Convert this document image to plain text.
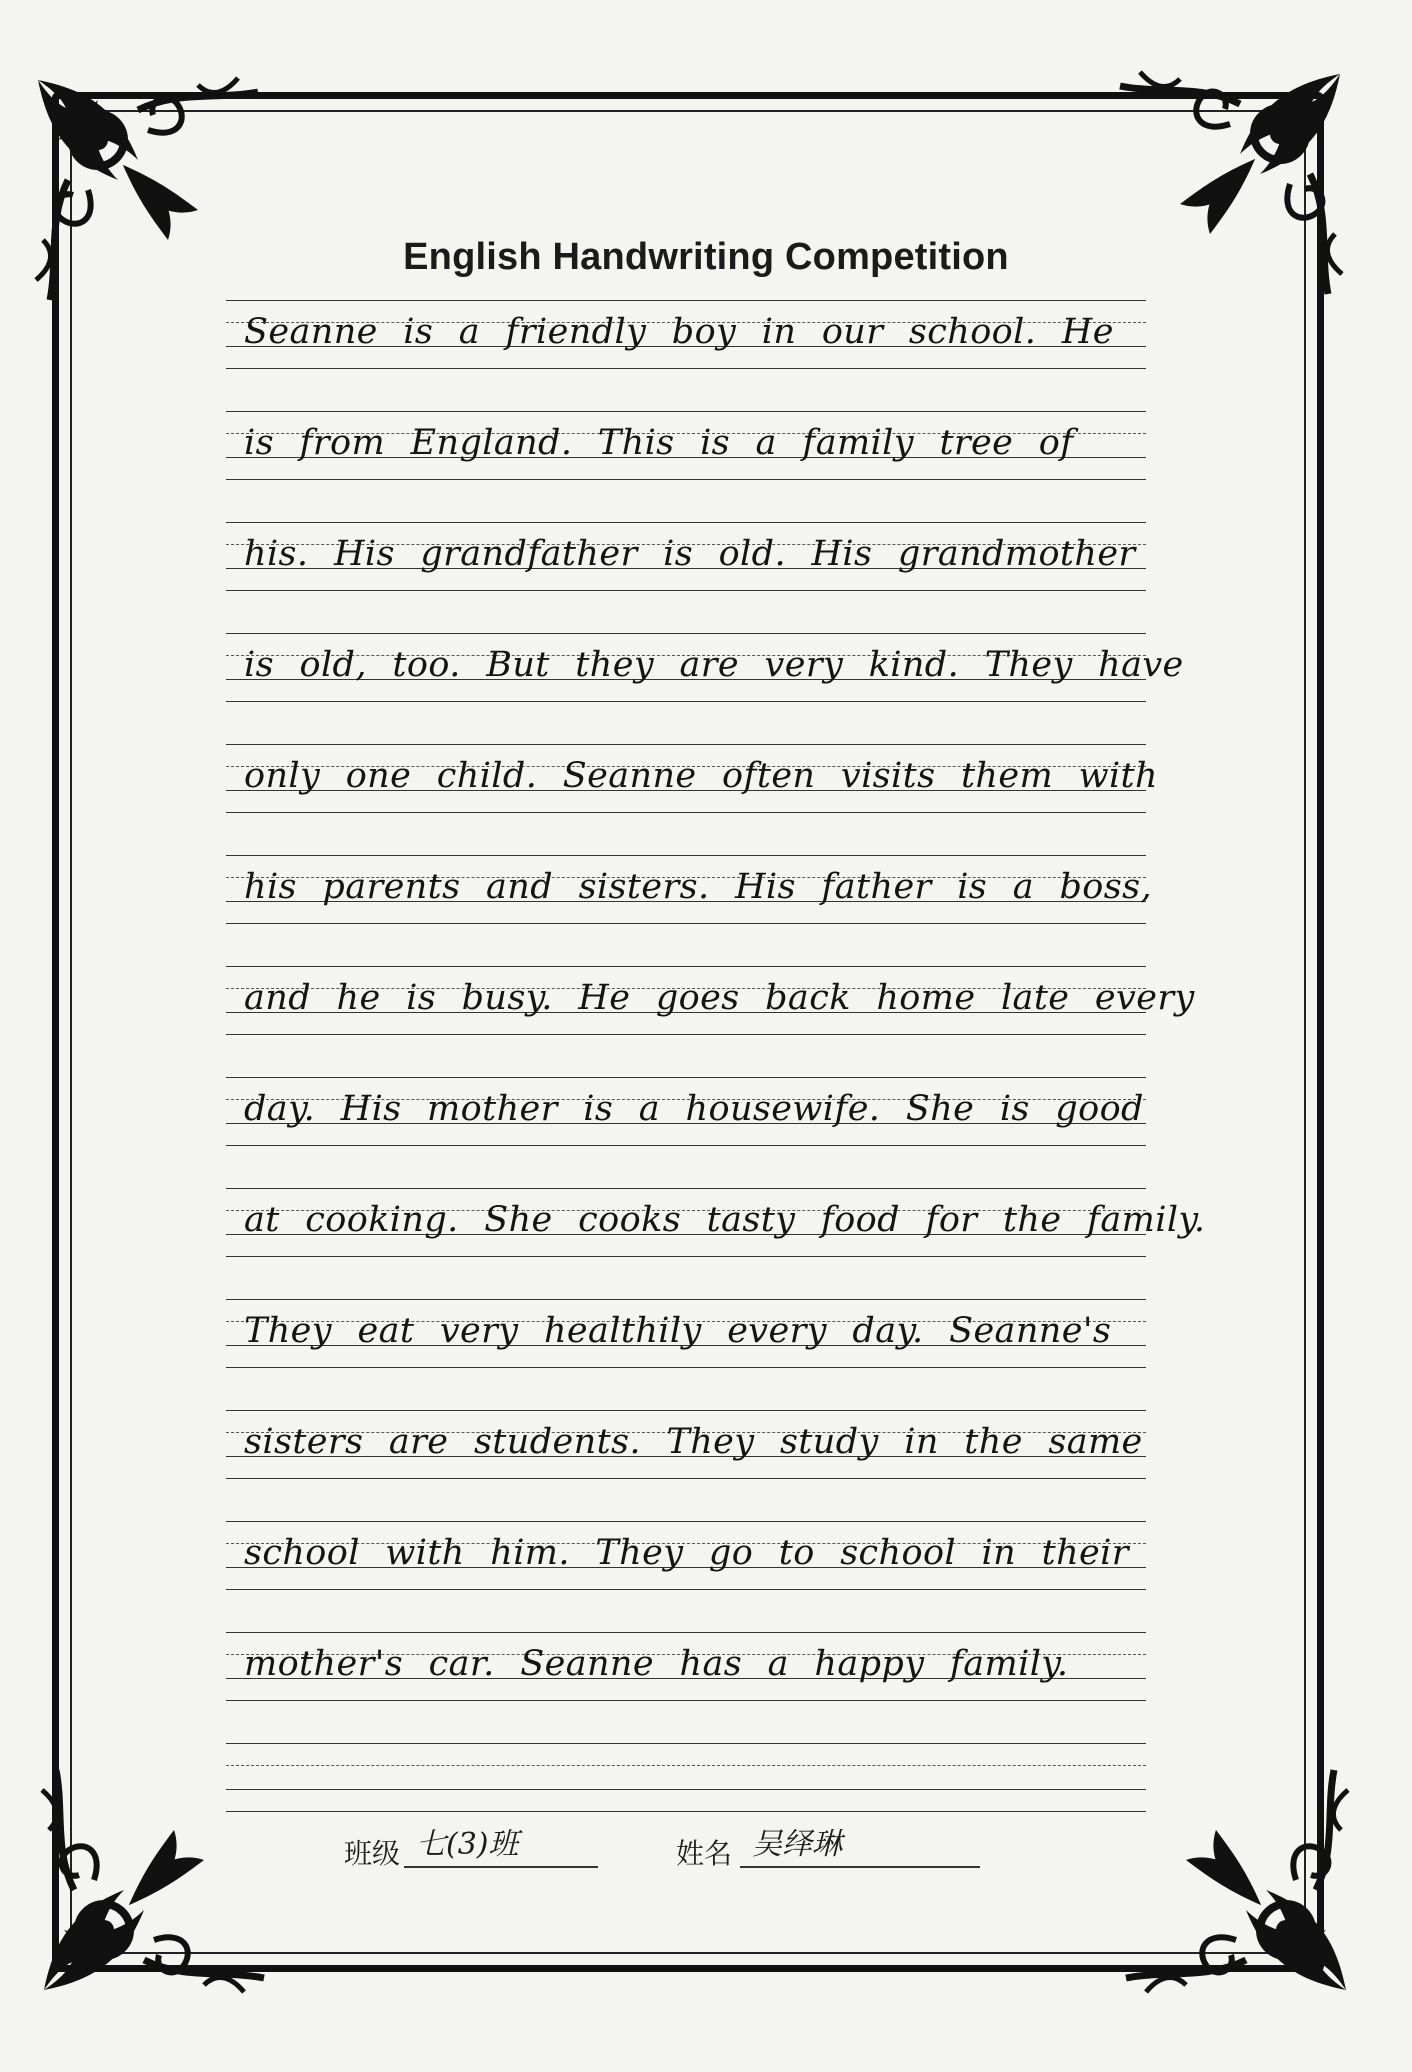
English Handwriting Competition
Seanne is a friendly boy in our school. He
is from England. This is a family tree of
his. His grandfather is old. His grandmother
is old, too. But they are very kind. They have
only one child. Seanne often visits them with
his parents and sisters. His father is a boss,
and he is busy. He goes back home late every
day. His mother is a housewife. She is good
at cooking. She cooks tasty food for the family.
They eat very healthily every day. Seanne's
sisters are students. They study in the same
school with him. They go to school in their
mother's car. Seanne has a happy family.
班级 七(3)班	姓名 吴绎琳
